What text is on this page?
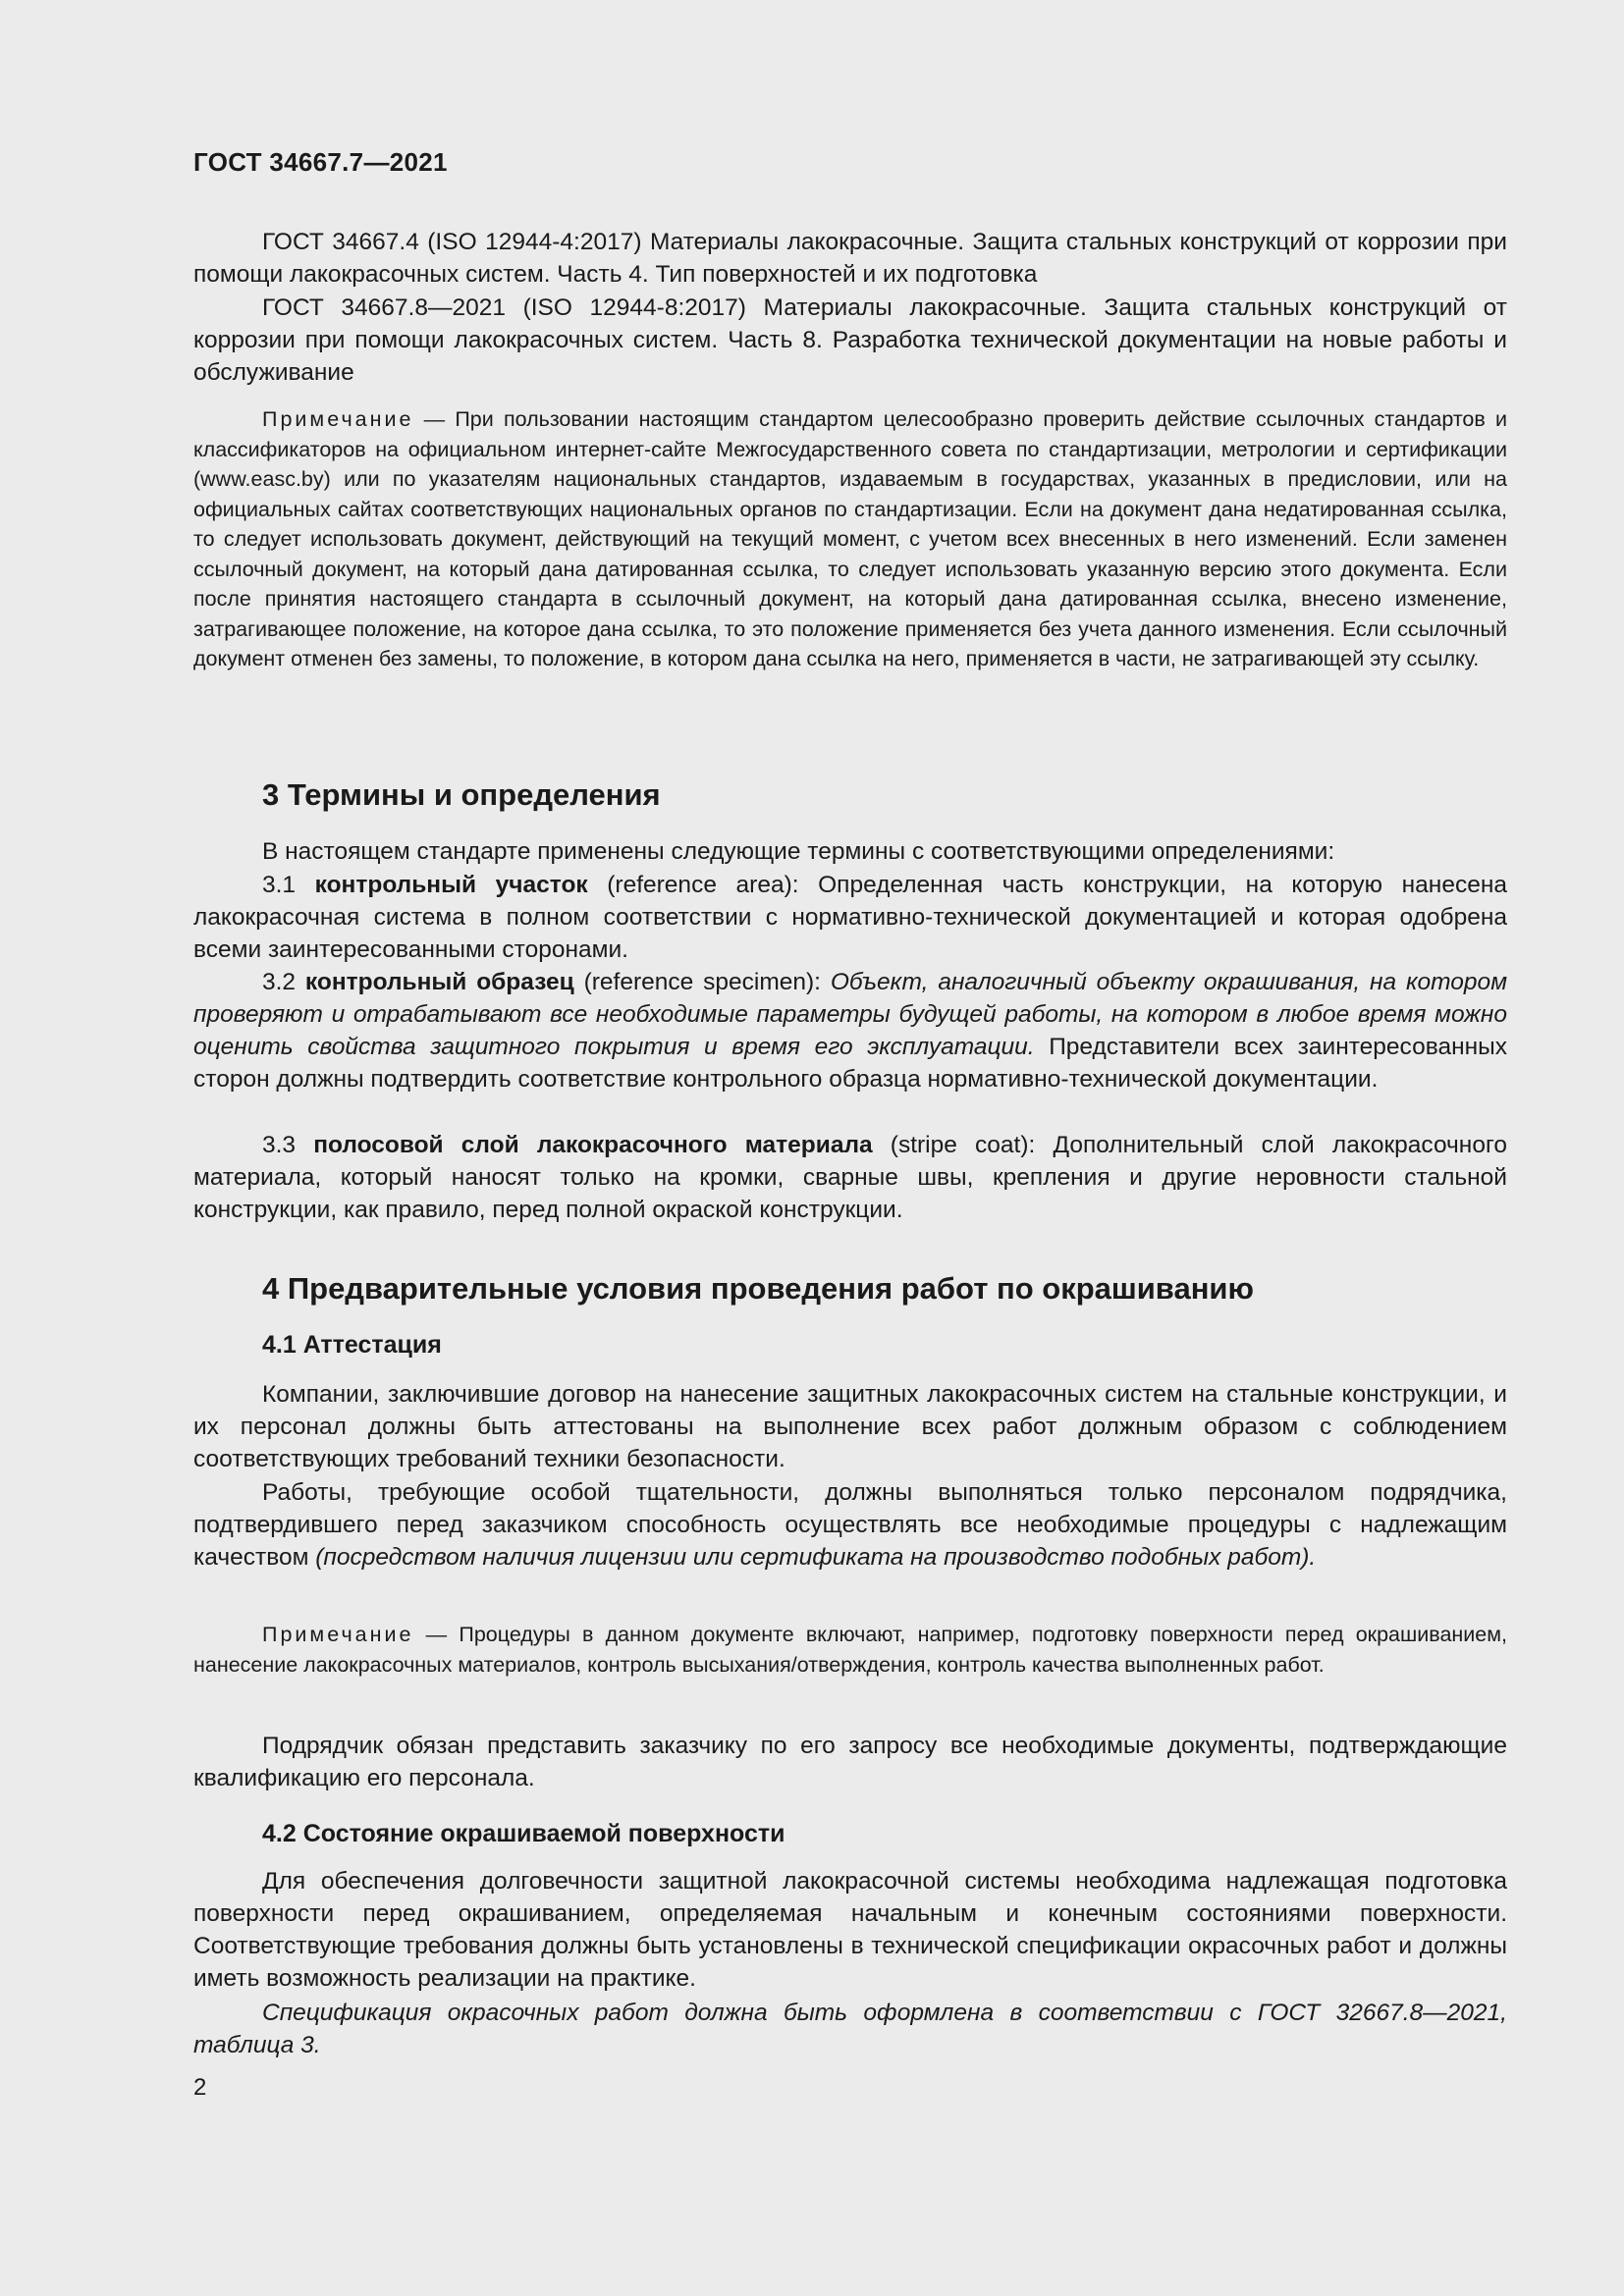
ГОСТ 34667.7—2021

ГОСТ 34667.4 (ISO 12944-4:2017) Материалы лакокрасочные. Защита стальных конструкций от коррозии при помощи лакокрасочных систем. Часть 4. Тип поверхностей и их подготовка

ГОСТ 34667.8—2021 (ISO 12944-8:2017) Материалы лакокрасочные. Защита стальных конструкций от коррозии при помощи лакокрасочных систем. Часть 8. Разработка технической документации на новые работы и обслуживание

Примечание — При пользовании настоящим стандартом целесообразно проверить действие ссылочных стандартов и классификаторов на официальном интернет-сайте Межгосударственного совета по стандартизации, метрологии и сертификации (www.easc.by) или по указателям национальных стандартов, издаваемым в государствах, указанных в предисловии, или на официальных сайтах соответствующих национальных органов по стандартизации. Если на документ дана недатированная ссылка, то следует использовать документ, действующий на текущий момент, с учетом всех внесенных в него изменений. Если заменен ссылочный документ, на который дана датированная ссылка, то следует использовать указанную версию этого документа. Если после принятия настоящего стандарта в ссылочный документ, на который дана датированная ссылка, внесено изменение, затрагивающее положение, на которое дана ссылка, то это положение применяется без учета данного изменения. Если ссылочный документ отменен без замены, то положение, в котором дана ссылка на него, применяется в части, не затрагивающей эту ссылку.

3 Термины и определения

В настоящем стандарте применены следующие термины с соответствующими определениями:

3.1 контрольный участок (reference area): Определенная часть конструкции, на которую нанесена лакокрасочная система в полном соответствии с нормативно-технической документацией и которая одобрена всеми заинтересованными сторонами.

3.2 контрольный образец (reference specimen): Объект, аналогичный объекту окрашивания, на котором проверяют и отрабатывают все необходимые параметры будущей работы, на котором в любое время можно оценить свойства защитного покрытия и время его эксплуатации. Представители всех заинтересованных сторон должны подтвердить соответствие контрольного образца нормативно-технической документации.

3.3 полосовой слой лакокрасочного материала (stripe coat): Дополнительный слой лакокрасочного материала, который наносят только на кромки, сварные швы, крепления и другие неровности стальной конструкции, как правило, перед полной окраской конструкции.

4 Предварительные условия проведения работ по окрашиванию
4.1 Аттестация

Компании, заключившие договор на нанесение защитных лакокрасочных систем на стальные конструкции, и их персонал должны быть аттестованы на выполнение всех работ должным образом с соблюдением соответствующих требований техники безопасности.

Работы, требующие особой тщательности, должны выполняться только персоналом подрядчика, подтвердившего перед заказчиком способность осуществлять все необходимые процедуры с надлежащим качеством (посредством наличия лицензии или сертификата на производство подобных работ).

Примечание — Процедуры в данном документе включают, например, подготовку поверхности перед окрашиванием, нанесение лакокрасочных материалов, контроль высыхания/отверждения, контроль качества выполненных работ.

Подрядчик обязан представить заказчику по его запросу все необходимые документы, подтверждающие квалификацию его персонала.

4.2 Состояние окрашиваемой поверхности

Для обеспечения долговечности защитной лакокрасочной системы необходима надлежащая подготовка поверхности перед окрашиванием, определяемая начальным и конечным состояниями поверхности. Соответствующие требования должны быть установлены в технической спецификации окрасочных работ и должны иметь возможность реализации на практике.

Спецификация окрасочных работ должна быть оформлена в соответствии с ГОСТ 32667.8—2021, таблица 3.

2
